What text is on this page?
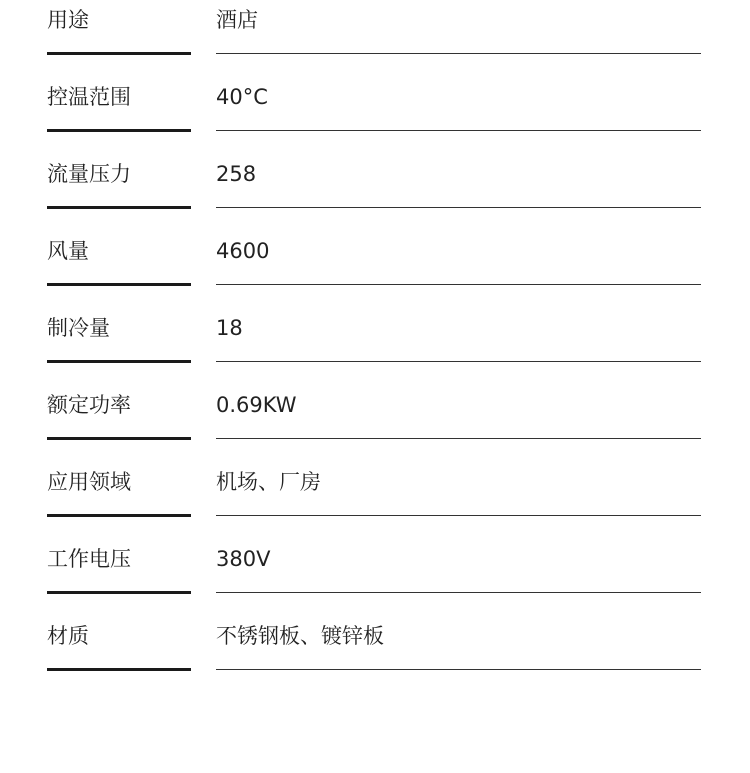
用途	酒店
控温范围	40°C
流量压力	258
风量	4600
制冷量	18
额定功率	0.69KW
应用领域	机场、厂房
工作电压	380V
材质	不锈钢板、镀锌板
